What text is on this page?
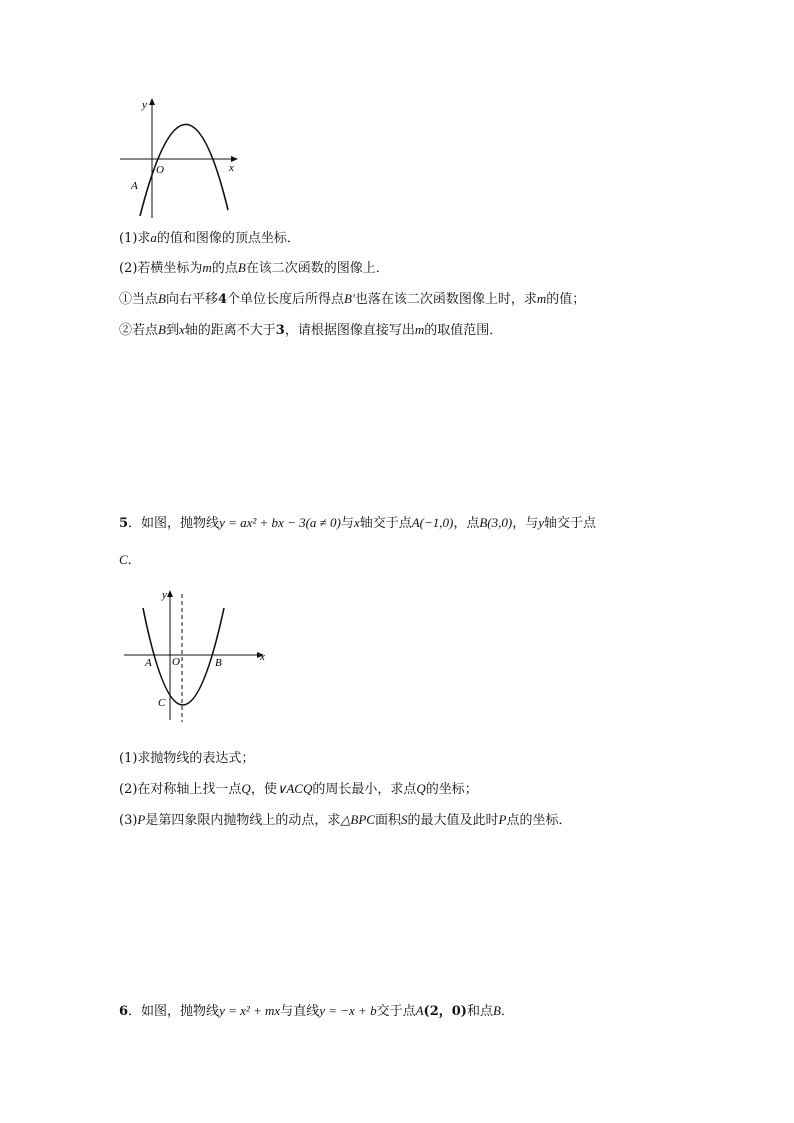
y
x
O
A
(1)求a的值和图像的顶点坐标．
(2)若横坐标为m的点B在该二次函数的图像上．
①当点B向右平移4个单位长度后所得点B′也落在该二次函数图像上时，求m的值；
②若点B到x轴的距离不大于3，请根据图像直接写出m的取值范围．
5．如图，抛物线y = ax² + bx − 3(a ≠ 0)与x轴交于点A(−1,0)，点B(3,0)，与y轴交于点
C．
y
x
A O	B
C
(1)求抛物线的表达式；
(2)在对称轴上找一点Q，使∨ACQ的周长最小，求点Q的坐标；
(3)P是第四象限内抛物线上的动点，求△BPC面积S的最大值及此时P点的坐标．
6．如图，抛物线y = x² + mx与直线y = −x + b交于点A(2，0)和点B．
